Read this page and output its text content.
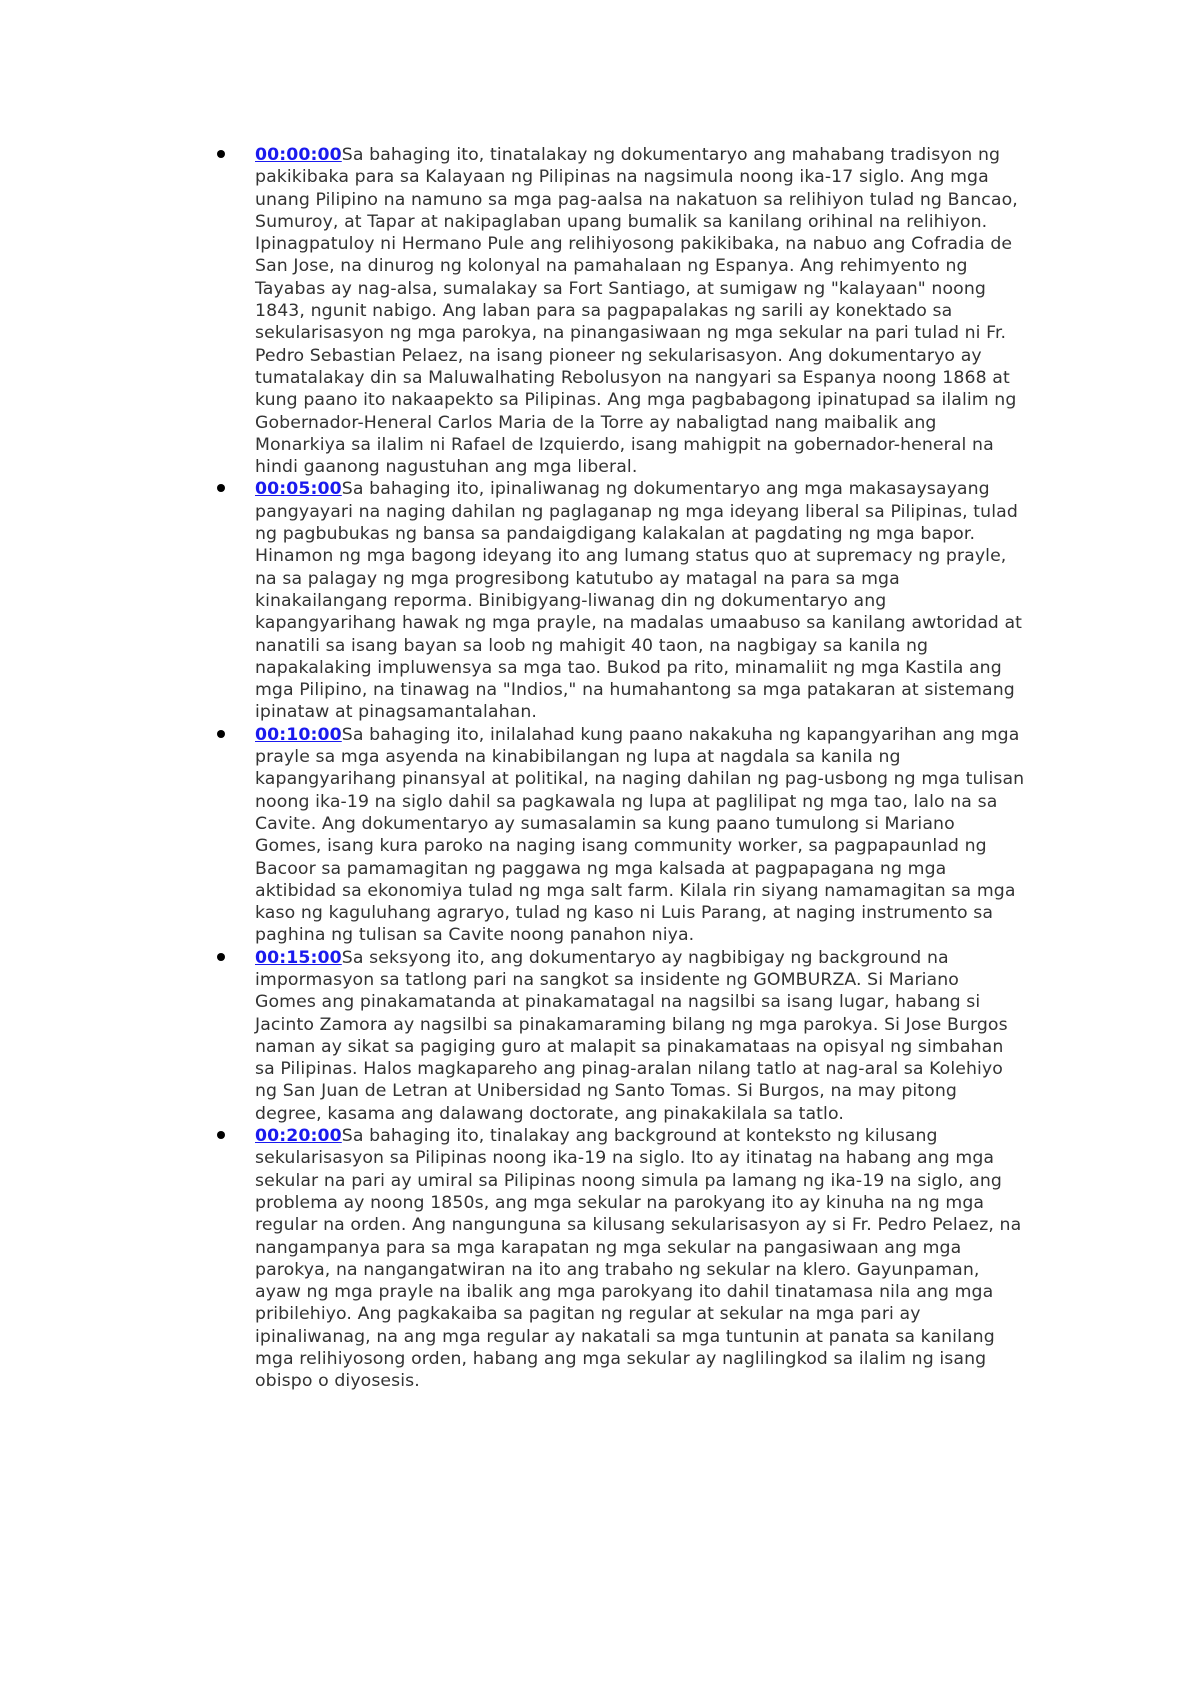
00:00:00Sa bahaging ito, tinatalakay ng dokumentaryo ang mahabang tradisyon ng pakikibaka para sa Kalayaan ng Pilipinas na nagsimula noong ika-17 siglo. Ang mga unang Pilipino na namuno sa mga pag-aalsa na nakatuon sa relihiyon tulad ng Bancao, Sumuroy, at Tapar at nakipaglaban upang bumalik sa kanilang orihinal na relihiyon. Ipinagpatuloy ni Hermano Pule ang relihiyosong pakikibaka, na nabuo ang Cofradia de San Jose, na dinurog ng kolonyal na pamahalaan ng Espanya. Ang rehimyento ng Tayabas ay nag-alsa, sumalakay sa Fort Santiago, at sumigaw ng "kalayaan" noong 1843, ngunit nabigo. Ang laban para sa pagpapalakas ng sarili ay konektado sa sekularisasyon ng mga parokya, na pinangasiwaan ng mga sekular na pari tulad ni Fr. Pedro Sebastian Pelaez, na isang pioneer ng sekularisasyon. Ang dokumentaryo ay tumatalakay din sa Maluwalhating Rebolusyon na nangyari sa Espanya noong 1868 at kung paano ito nakaapekto sa Pilipinas. Ang mga pagbabagong ipinatupad sa ilalim ng Gobernador-Heneral Carlos Maria de la Torre ay nabaligtad nang maibalik ang Monarkiya sa ilalim ni Rafael de Izquierdo, isang mahigpit na gobernador-heneral na hindi gaanong nagustuhan ang mga liberal.
00:05:00Sa bahaging ito, ipinaliwanag ng dokumentaryo ang mga makasaysayang pangyayari na naging dahilan ng paglaganap ng mga ideyang liberal sa Pilipinas, tulad ng pagbubukas ng bansa sa pandaigdigang kalakalan at pagdating ng mga bapor. Hinamon ng mga bagong ideyang ito ang lumang status quo at supremacy ng prayle, na sa palagay ng mga progresibong katutubo ay matagal na para sa mga kinakailangang reporma. Binibigyang-liwanag din ng dokumentaryo ang kapangyarihang hawak ng mga prayle, na madalas umaabuso sa kanilang awtoridad at nanatili sa isang bayan sa loob ng mahigit 40 taon, na nagbigay sa kanila ng napakalaking impluwensya sa mga tao. Bukod pa rito, minamaliit ng mga Kastila ang mga Pilipino, na tinawag na "Indios," na humahantong sa mga patakaran at sistemang ipinataw at pinagsamantalahan.
00:10:00Sa bahaging ito, inilalahad kung paano nakakuha ng kapangyarihan ang mga prayle sa mga asyenda na kinabibilangan ng lupa at nagdala sa kanila ng kapangyarihang pinansyal at politikal, na naging dahilan ng pag-usbong ng mga tulisan noong ika-19 na siglo dahil sa pagkawala ng lupa at paglilipat ng mga tao, lalo na sa Cavite. Ang dokumentaryo ay sumasalamin sa kung paano tumulong si Mariano Gomes, isang kura paroko na naging isang community worker, sa pagpapaunlad ng Bacoor sa pamamagitan ng paggawa ng mga kalsada at pagpapagana ng mga aktibidad sa ekonomiya tulad ng mga salt farm. Kilala rin siyang namamagitan sa mga kaso ng kaguluhang agraryo, tulad ng kaso ni Luis Parang, at naging instrumento sa paghina ng tulisan sa Cavite noong panahon niya.
00:15:00Sa seksyong ito, ang dokumentaryo ay nagbibigay ng background na impormasyon sa tatlong pari na sangkot sa insidente ng GOMBURZA. Si Mariano Gomes ang pinakamatanda at pinakamatagal na nagsilbi sa isang lugar, habang si Jacinto Zamora ay nagsilbi sa pinakamaraming bilang ng mga parokya. Si Jose Burgos naman ay sikat sa pagiging guro at malapit sa pinakamataas na opisyal ng simbahan sa Pilipinas. Halos magkapareho ang pinag-aralan nilang tatlo at nag-aral sa Kolehiyo ng San Juan de Letran at Unibersidad ng Santo Tomas. Si Burgos, na may pitong degree, kasama ang dalawang doctorate, ang pinakakilala sa tatlo.
00:20:00Sa bahaging ito, tinalakay ang background at konteksto ng kilusang sekularisasyon sa Pilipinas noong ika-19 na siglo. Ito ay itinatag na habang ang mga sekular na pari ay umiral sa Pilipinas noong simula pa lamang ng ika-19 na siglo, ang problema ay noong 1850s, ang mga sekular na parokyang ito ay kinuha na ng mga regular na orden. Ang nangunguna sa kilusang sekularisasyon ay si Fr. Pedro Pelaez, na nangampanya para sa mga karapatan ng mga sekular na pangasiwaan ang mga parokya, na nangangatwiran na ito ang trabaho ng sekular na klero. Gayunpaman, ayaw ng mga prayle na ibalik ang mga parokyang ito dahil tinatamasa nila ang mga pribilehiyo. Ang pagkakaiba sa pagitan ng regular at sekular na mga pari ay ipinaliwanag, na ang mga regular ay nakatali sa mga tuntunin at panata sa kanilang mga relihiyosong orden, habang ang mga sekular ay naglilingkod sa ilalim ng isang obispo o diyosesis.
